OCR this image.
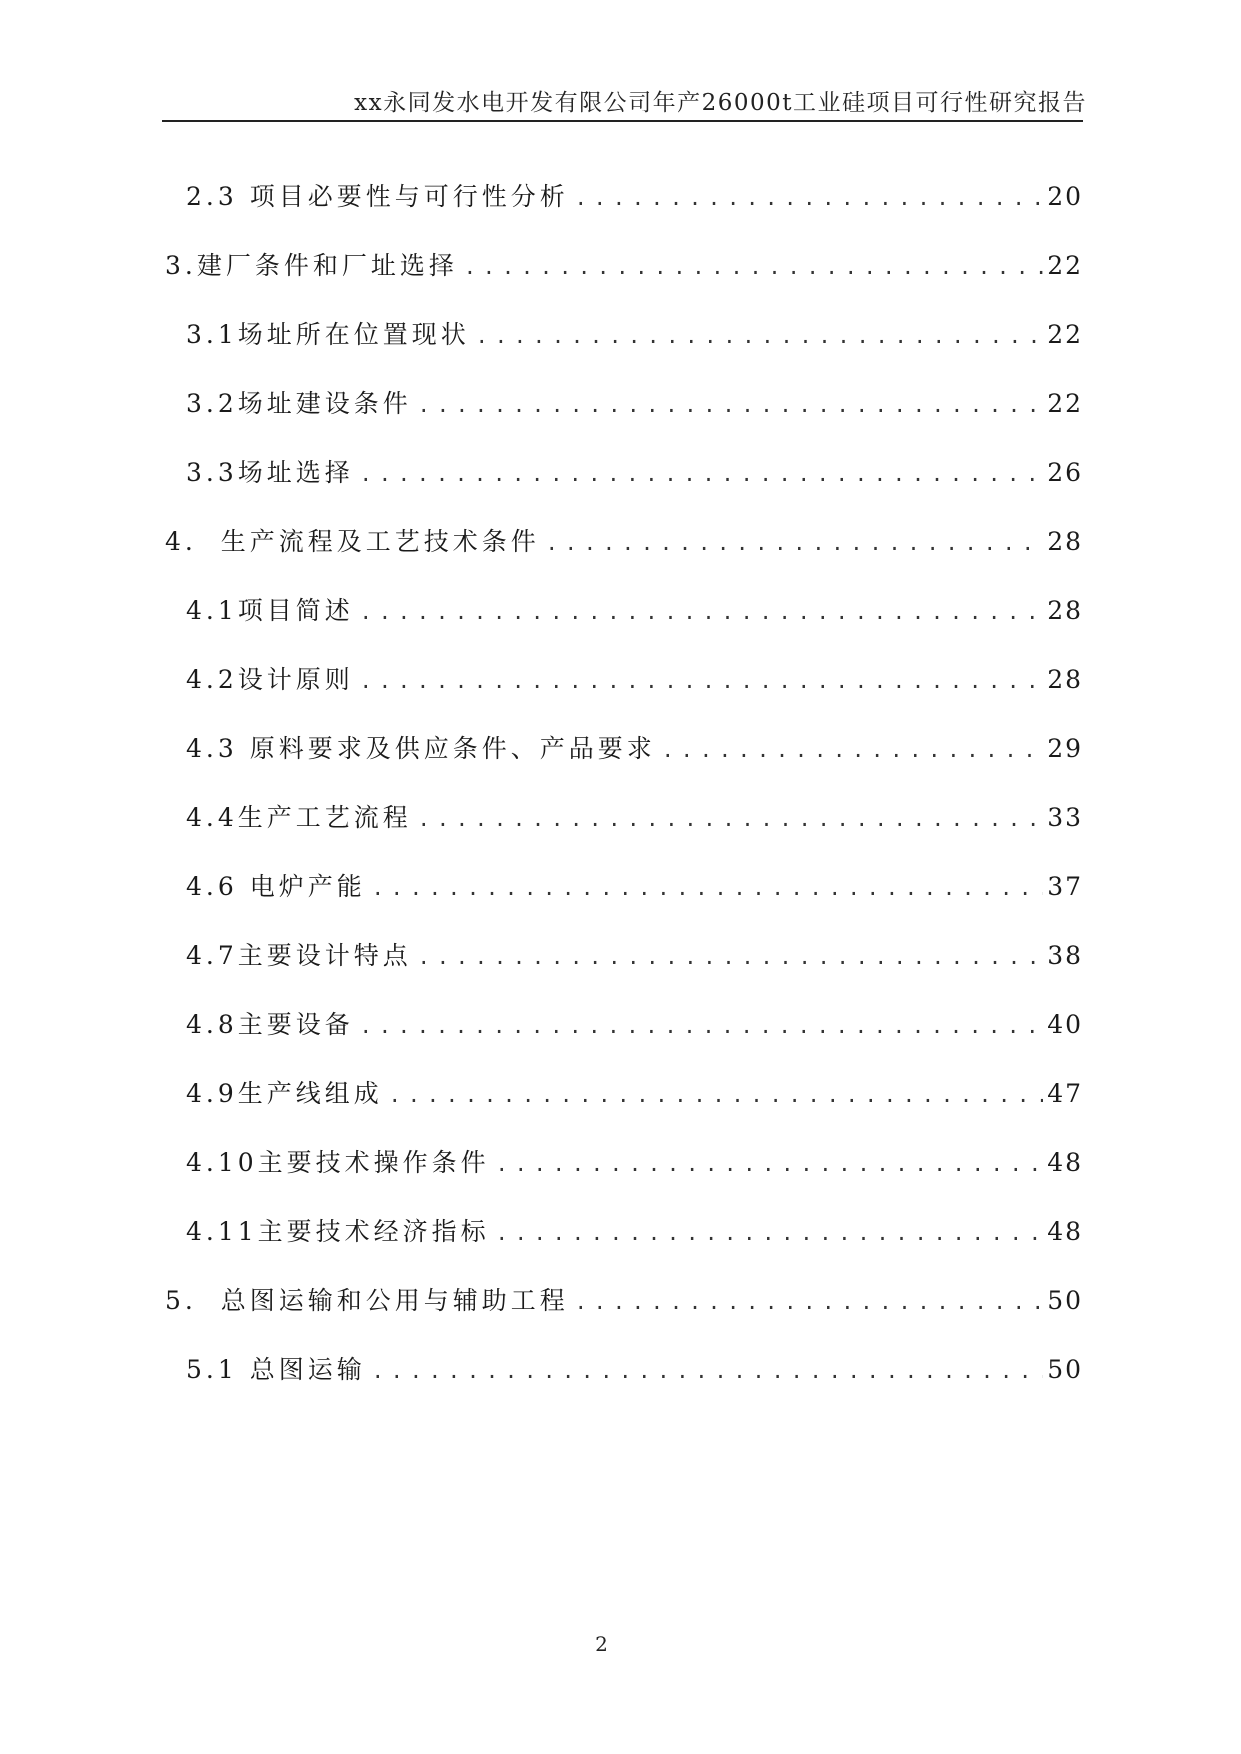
xx永同发水电开发有限公司年产26000t工业硅项目可行性研究报告
2.3 项目必要性与可行性分析 .....	20
3. 建厂条件和厂址选择 .....	22
3.1 场址所在位置现状 .....	22
3.2 场址建设条件 .....	22
3.3 场址选择 .....	26
4. 生产流程及工艺技术条件 .....	28
4.1 项目简述 .....	28
4.2 设计原则 .....	28
4.3 原料要求及供应条件、产品要求 .....	29
4.4 生产工艺流程 .....	33
4.6 电炉产能 .....	37
4.7 主要设计特点 .....	38
4.8 主要设备 .....	40
4.9 生产线组成 .....	47
4.10 主要技术操作条件 .....	48
4.11 主要技术经济指标 .....	48
5. 总图运输和公用与辅助工程 .....	50
5.1 总图运输 .....	50
2
